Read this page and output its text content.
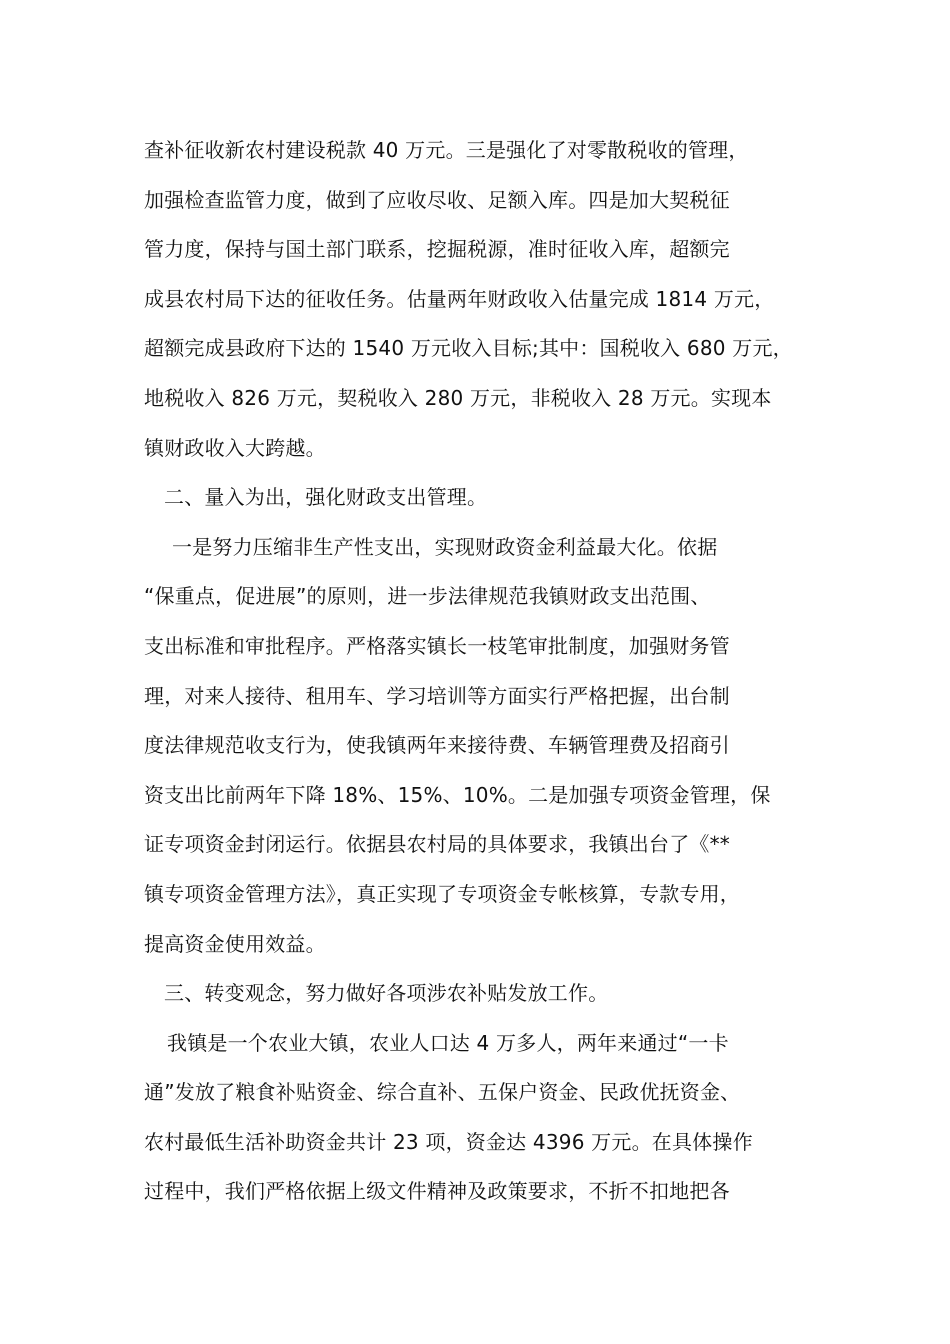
查补征收新农村建设税款 40 万元。三是强化了对零散税收的管理，
加强检查监管力度，做到了应收尽收、足额入库。四是加大契税征
管力度，保持与国土部门联系，挖掘税源，准时征收入库，超额完
成县农村局下达的征收任务。估量两年财政收入估量完成 1814 万元，
超额完成县政府下达的 1540 万元收入目标;其中：国税收入 680 万元，
地税收入 826 万元，契税收入 280 万元，非税收入 28 万元。实现本
镇财政收入大跨越。
二、量入为出，强化财政支出管理。
一是努力压缩非生产性支出，实现财政资金利益最大化。依据
“保重点，促进展”的原则，进一步法律规范我镇财政支出范围、
支出标准和审批程序。严格落实镇长一枝笔审批制度，加强财务管
理，对来人接待、租用车、学习培训等方面实行严格把握，出台制
度法律规范收支行为，使我镇两年来接待费、车辆管理费及招商引
资支出比前两年下降 18%、15%、10%。二是加强专项资金管理，保
证专项资金封闭运行。依据县农村局的具体要求，我镇出台了《**
镇专项资金管理方法》，真正实现了专项资金专帐核算，专款专用，
提高资金使用效益。
三、转变观念，努力做好各项涉农补贴发放工作。
我镇是一个农业大镇，农业人口达 4 万多人，两年来通过“一卡
通”发放了粮食补贴资金、综合直补、五保户资金、民政优抚资金、
农村最低生活补助资金共计 23 项，资金达 4396 万元。在具体操作
过程中，我们严格依据上级文件精神及政策要求，不折不扣地把各
